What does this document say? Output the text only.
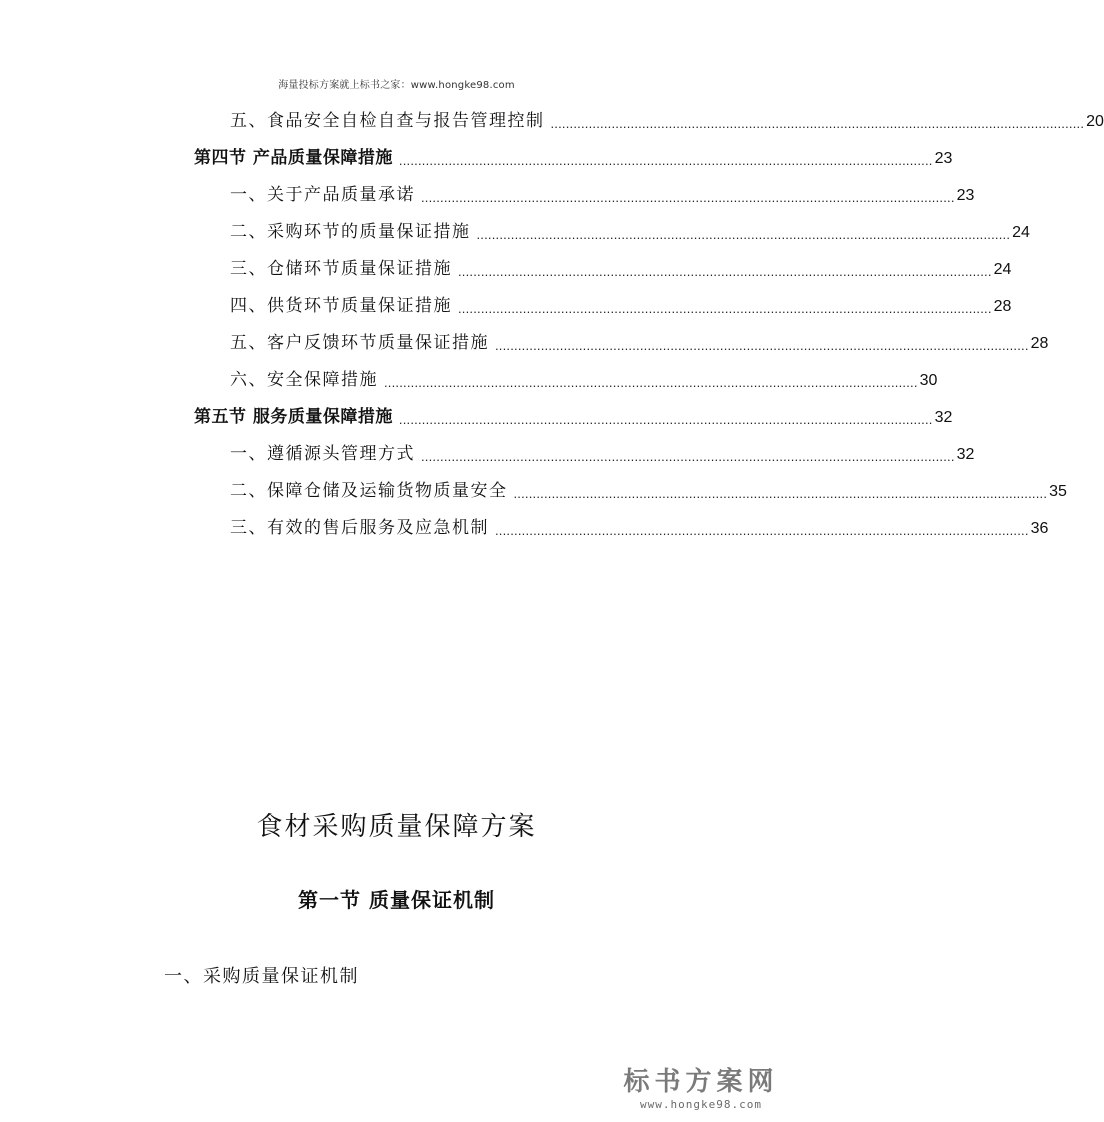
海量投标方案就上标书之家：www.hongke98.com
五、食品安全自检自查与报告管理控制 ............................................................................................................................................ 20
第四节 产品质量保障措施 ............................................................................................................................................ 23
一、关于产品质量承诺 ............................................................................................................................................ 23
二、采购环节的质量保证措施 ............................................................................................................................................ 24
三、仓储环节质量保证措施 ............................................................................................................................................ 24
四、供货环节质量保证措施 ............................................................................................................................................ 28
五、客户反馈环节质量保证措施 ............................................................................................................................................ 28
六、安全保障措施 ............................................................................................................................................ 30
第五节 服务质量保障措施 ............................................................................................................................................ 32
一、遵循源头管理方式 ............................................................................................................................................ 32
二、保障仓储及运输货物质量安全 ............................................................................................................................................ 35
三、有效的售后服务及应急机制 ............................................................................................................................................ 36
食材采购质量保障方案
第一节 质量保证机制
一、采购质量保证机制
标书方案网
www.hongke98.com
